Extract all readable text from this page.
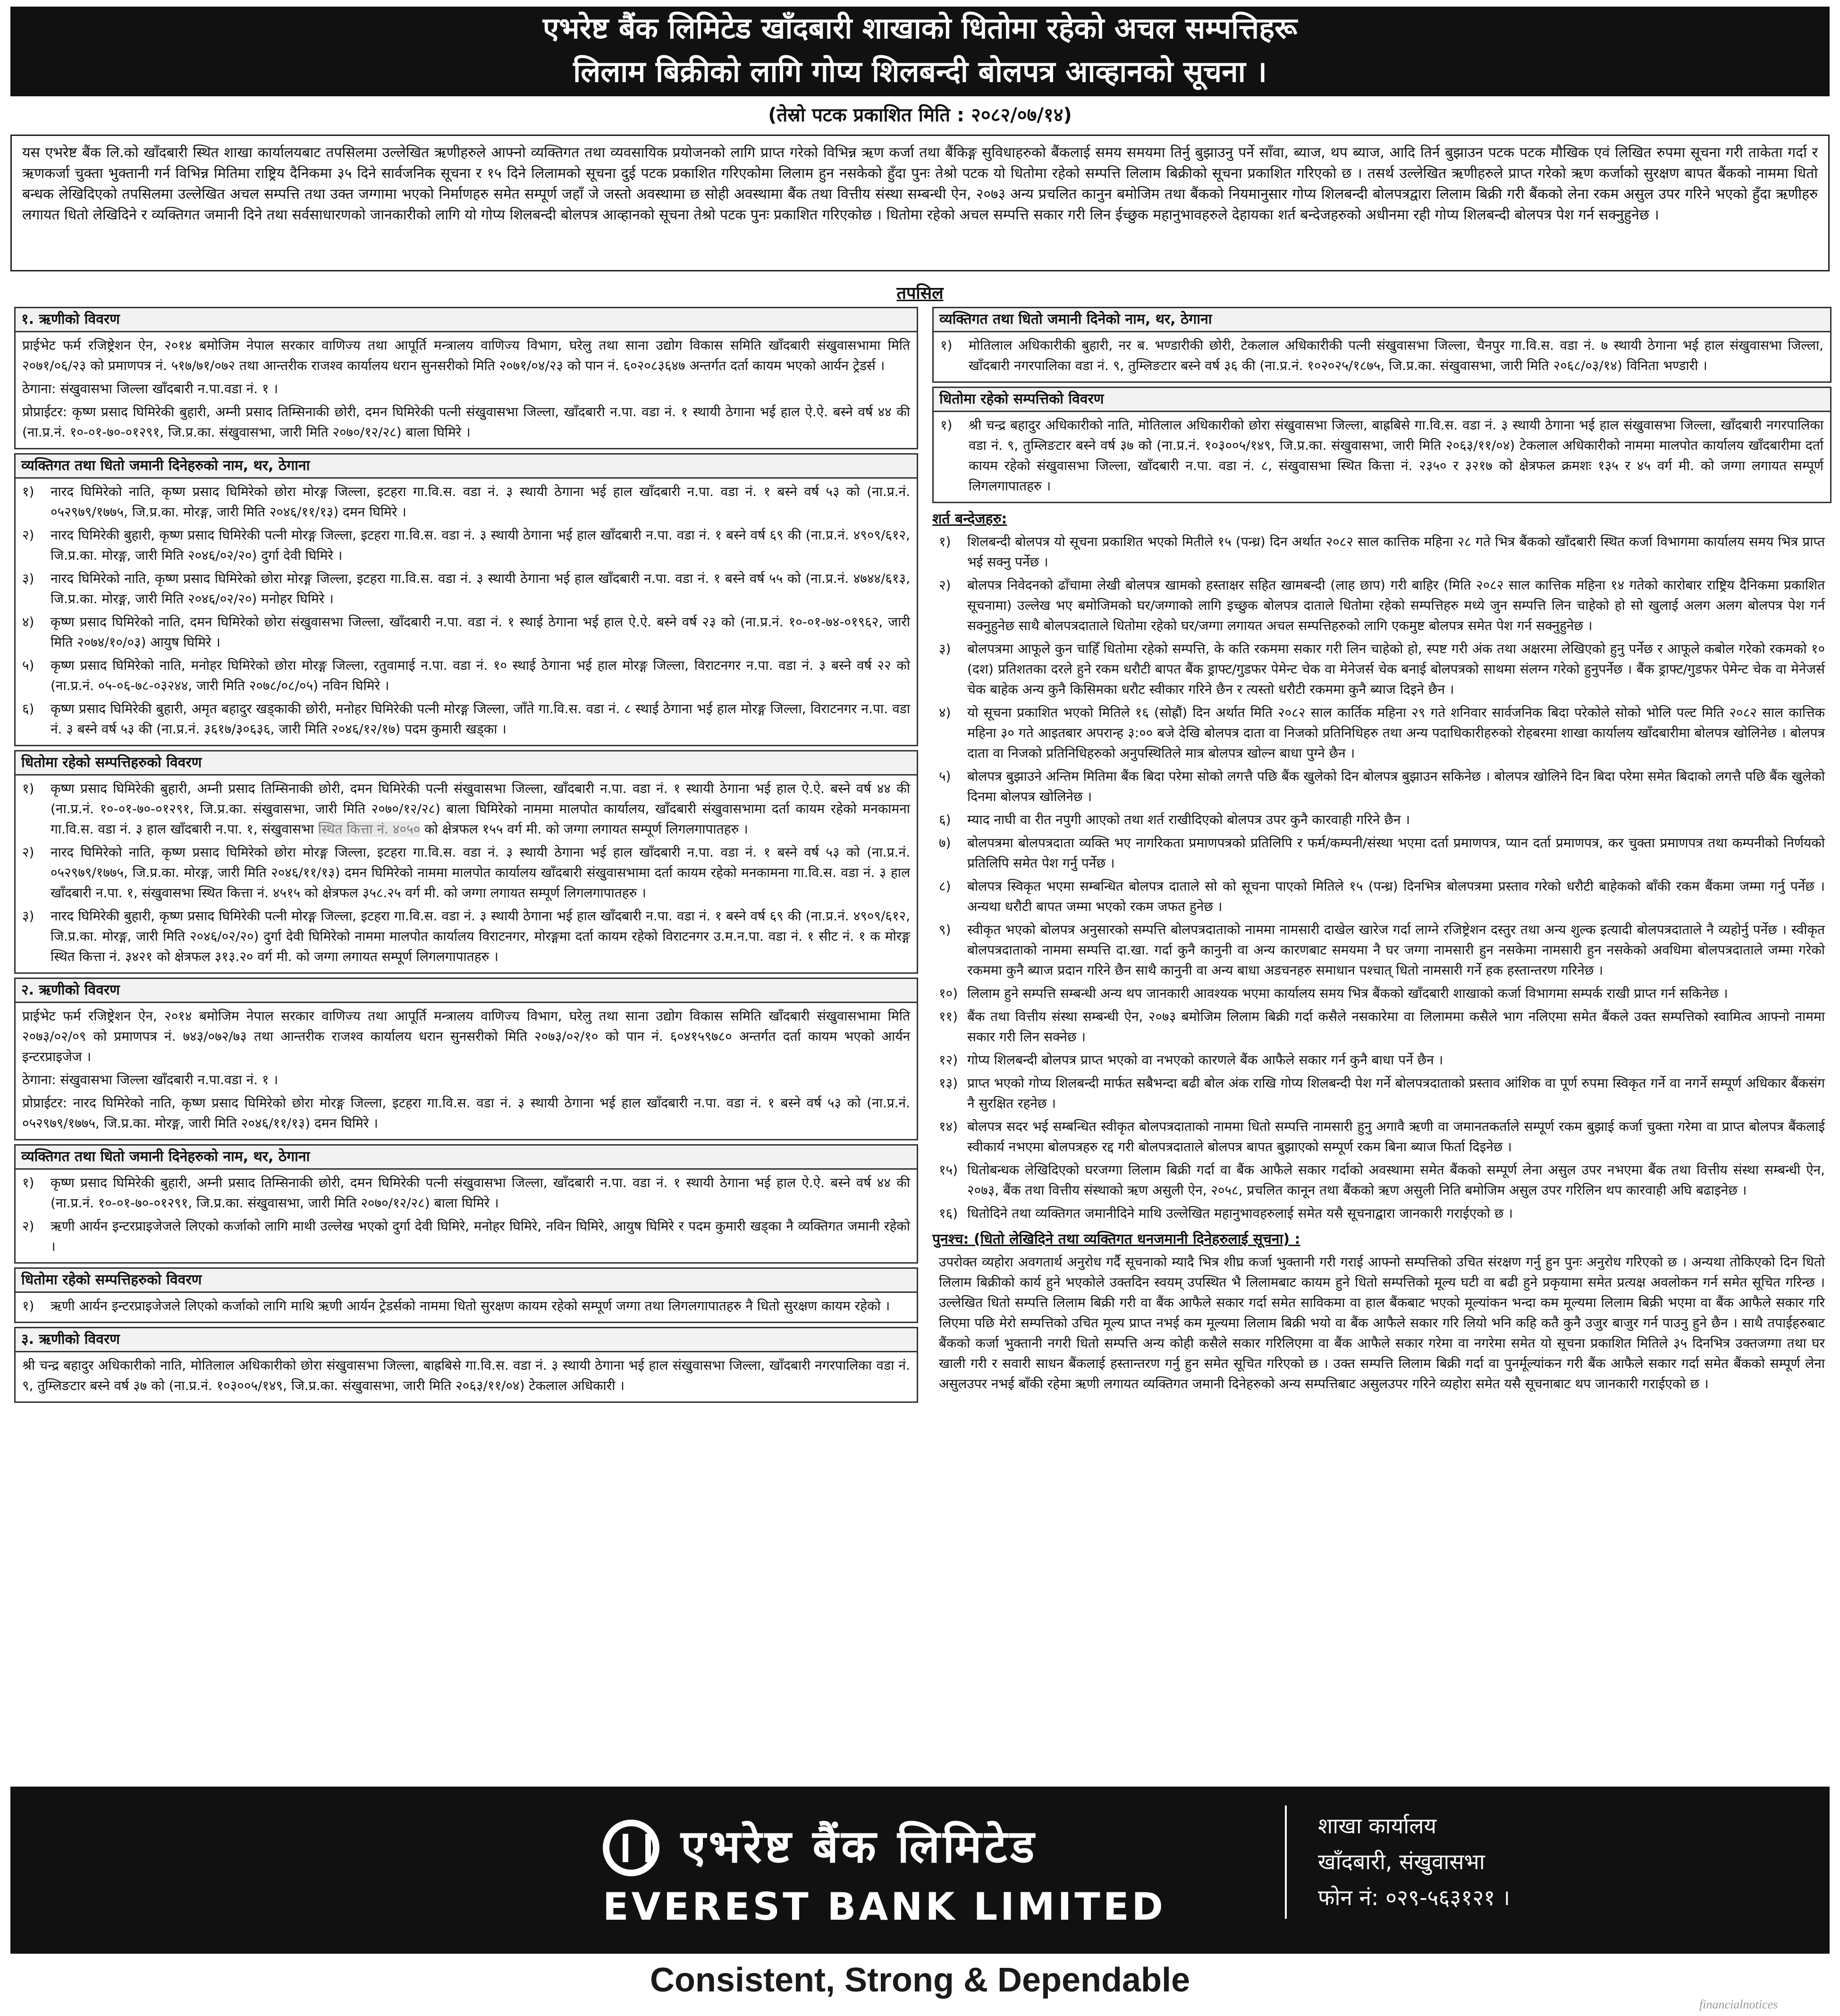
एभरेष्ट बैंक लिमिटेड खाँदबारी शाखाको धितोमा रहेको अचल सम्पत्तिहरू
लिलाम बिक्रीको लागि गोप्य शिलबन्दी बोलपत्र आव्हानको सूचना ।
(तेस्रो पटक प्रकाशित मिति : २०८२/०७/१४)
यस एभरेष्ट बैंक लि.को खाँदबारी स्थित शाखा कार्यालयबाट तपसिलमा उल्लेखित ऋणीहरुले आफ्नो व्यक्तिगत तथा व्यवसायिक प्रयोजनको लागि प्राप्त गरेको विभिन्न ऋण कर्जा तथा बैंकिङ्ग सुविधाहरुको बैंकलाई समय समयमा तिर्नु बुझाउनु पर्ने साँवा, ब्याज, थप ब्याज, आदि तिर्न बुझाउन पटक पटक मौखिक एवं लिखित रुपमा सूचना गरी ताकेता गर्दा र ऋणकर्जा चुक्ता भुक्तानी गर्न विभिन्न मितिमा राष्ट्रिय दैनिकमा ३५ दिने सार्वजनिक सूचना र १५ दिने लिलामको सूचना दुई पटक प्रकाशित गरिएकोमा लिलाम हुन नसकेको हुँदा पुनः तेश्रो पटक यो धितोमा रहेको सम्पत्ति लिलाम बिक्रीको सूचना प्रकाशित गरिएको छ । तसर्थ उल्लेखित ऋणीहरुले प्राप्त गरेको ऋण कर्जाको सुरक्षण बापत बैंकको नाममा धितो बन्धक लेखिदिएको तपसिलमा उल्लेखित अचल सम्पत्ति तथा उक्त जग्गामा भएको निर्माणहरु समेत सम्पूर्ण जहाँ जे जस्तो अवस्थामा छ सोही अवस्थामा बैंक तथा वित्तीय संस्था सम्बन्धी ऐन, २०७३ अन्य प्रचलित कानुन बमोजिम तथा बैंकको नियमानुसार गोप्य शिलबन्दी बोलपत्रद्वारा लिलाम बिक्री गरी बैंकको लेना रकम असुल उपर गरिने भएको हुँदा ऋणीहरु लगायत धितो लेखिदिने र व्यक्तिगत जमानी दिने तथा सर्वसाधारणको जानकारीको लागि यो गोप्य शिलबन्दी बोलपत्र आव्हानको सूचना तेश्रो पटक पुनः प्रकाशित गरिएकोछ । धितोमा रहेको अचल सम्पत्ति सकार गरी लिन ईच्छुक महानुभावहरुले देहायका शर्त बन्देजहरुको अधीनमा रही गोप्य शिलबन्दी बोलपत्र पेश गर्न सक्नुहुनेछ ।
तपसिल
१. ऋणीको विवरण

प्राईभेट फर्म रजिष्ट्रेशन ऐन, २०१४ बमोजिम नेपाल सरकार वाणिज्य तथा आपूर्ति मन्त्रालय वाणिज्य विभाग, घरेलु तथा साना उद्योग विकास समिति खाँदबारी संखुवासभामा मिति २०७१/०६/२३ को प्रमाणपत्र नं. ५१७/७१/०७२ तथा आन्तरीक राजश्व कार्यालय धरान सुनसरीको मिति २०७१/०४/२३ को पान नं. ६०२०८३६४७ अन्तर्गत दर्ता कायम भएको आर्यन ट्रेडर्स ।

ठेगाना: संखुवासभा जिल्ला खाँदबारी न.पा.वडा नं. १ ।

प्रोप्राईटर: कृष्ण प्रसाद घिमिरेकी बुहारी, अम्नी प्रसाद तिम्सिनाकी छोरी, दमन घिमिरेकी पत्नी संखुवासभा जिल्ला, खाँदबारी न.पा. वडा नं. १ स्थायी ठेगाना भई हाल ऐ.ऐ. बस्ने वर्ष ४४ की (ना.प्र.नं. १०-०१-७०-०१२९१, जि.प्र.का. संखुवासभा, जारी मिति २०७०/१२/२८) बाला घिमिरे ।

व्यक्तिगत तथा धितो जमानी दिनेहरुको नाम, थर, ठेगाना
१)	नारद घिमिरेको नाति, कृष्ण प्रसाद घिमिरेको छोरा मोरङ्ग जिल्ला, इटहरा गा.वि.स. वडा नं. ३ स्थायी ठेगाना भई हाल खाँदबारी न.पा. वडा नं. १ बस्ने वर्ष ५३ को (ना.प्र.नं. ०५२९७९/१७७५, जि.प्र.का. मोरङ्ग, जारी मिति २०४६/११/१३) दमन घिमिरे ।
२)	नारद घिमिरेकी बुहारी, कृष्ण प्रसाद घिमिरेकी पत्नी मोरङ्ग जिल्ला, इटहरा गा.वि.स. वडा नं. ३ स्थायी ठेगाना भई हाल खाँदबारी न.पा. वडा नं. १ बस्ने वर्ष ६९ की (ना.प्र.नं. ४९०९/६१२, जि.प्र.का. मोरङ्ग, जारी मिति २०४६/०२/२०) दुर्गा देवी घिमिरे ।
३)	नारद घिमिरेको नाति, कृष्ण प्रसाद घिमिरेको छोरा मोरङ्ग जिल्ला, इटहरा गा.वि.स. वडा नं. ३ स्थायी ठेगाना भई हाल खाँदबारी न.पा. वडा नं. १ बस्ने वर्ष ५५ को (ना.प्र.नं. ४७४४/६१३, जि.प्र.का. मोरङ्ग, जारी मिति २०४६/०२/२०) मनोहर घिमिरे ।
४)	कृष्ण प्रसाद घिमिरेको नाति, दमन घिमिरेको छोरा संखुवासभा जिल्ला, खाँदबारी न.पा. वडा नं. १ स्थाई ठेगाना भई हाल ऐ.ऐ. बस्ने वर्ष २३ को (ना.प्र.नं. १०-०१-७४-०१९६२, जारी मिति २०७४/१०/०३) आयुष घिमिरे ।
५)	कृष्ण प्रसाद घिमिरेको नाति, मनोहर घिमिरेको छोरा मोरङ्ग जिल्ला, रतुवामाई न.पा. वडा नं. १० स्थाई ठेगाना भई हाल मोरङ्ग जिल्ला, विराटनगर न.पा. वडा नं. ३ बस्ने वर्ष २२ को (ना.प्र.नं. ०५-०६-७८-०३२४४, जारी मिति २०७८/०८/०५) नविन घिमिरे ।
६)	कृष्ण प्रसाद घिमिरेकी बुहारी, अमृत बहादुर खड्काकी छोरी, मनोहर घिमिरेकी पत्नी मोरङ्ग जिल्ला, जाँते गा.वि.स. वडा नं. ८ स्थाई ठेगाना भई हाल मोरङ्ग जिल्ला, विराटनगर न.पा. वडा नं. ३ बस्ने वर्ष ५३ की (ना.प्र.नं. ३६१७/३०६३६, जारी मिति २०४६/१२/१७) पदम कुमारी खड्का ।
धितोमा रहेको सम्पत्तिहरुको विवरण
१)	कृष्ण प्रसाद घिमिरेकी बुहारी, अम्नी प्रसाद तिम्सिनाकी छोरी, दमन घिमिरेकी पत्नी संखुवासभा जिल्ला, खाँदबारी न.पा. वडा नं. १ स्थायी ठेगाना भई हाल ऐ.ऐ. बस्ने वर्ष ४४ की (ना.प्र.नं. १०-०१-७०-०१२९१, जि.प्र.का. संखुवासभा, जारी मिति २०७०/१२/२८) बाला घिमिरेको नाममा मालपोत कार्यालय, खाँदबारी संखुवासभामा दर्ता कायम रहेको मनकामना गा.वि.स. वडा नं. ३ हाल खाँदबारी न.पा. १, संखुवासभा स्थित कित्ता नं. ४०५० को क्षेत्रफल १५५ वर्ग मी. को जग्गा लगायत सम्पूर्ण लिगलगापातहरु ।
२)	नारद घिमिरेको नाति, कृष्ण प्रसाद घिमिरेको छोरा मोरङ्ग जिल्ला, इटहरा गा.वि.स. वडा नं. ३ स्थायी ठेगाना भई हाल खाँदबारी न.पा. वडा नं. १ बस्ने वर्ष ५३ को (ना.प्र.नं. ०५२९७९/१७७५, जि.प्र.का. मोरङ्ग, जारी मिति २०४६/११/१३) दमन घिमिरेको नाममा मालपोत कार्यालय खाँदबारी संखुवासभामा दर्ता कायम रहेको मनकामना गा.वि.स. वडा नं. ३ हाल खाँदबारी न.पा. १, संखुवासभा स्थित कित्ता नं. ४५१५ को क्षेत्रफल ३५८.२५ वर्ग मी. को जग्गा लगायत सम्पूर्ण लिगलगापातहरु ।
३)	नारद घिमिरेकी बुहारी, कृष्ण प्रसाद घिमिरेकी पत्नी मोरङ्ग जिल्ला, इटहरा गा.वि.स. वडा नं. ३ स्थायी ठेगाना भई हाल खाँदबारी न.पा. वडा नं. १ बस्ने वर्ष ६९ की (ना.प्र.नं. ४९०९/६१२, जि.प्र.का. मोरङ्ग, जारी मिति २०४६/०२/२०) दुर्गा देवी घिमिरेको नाममा मालपोत कार्यालय विराटनगर, मोरङ्गमा दर्ता कायम रहेको विराटनगर उ.म.न.पा. वडा नं. १ सीट नं. १ क मोरङ्ग स्थित कित्ता नं. ३४२१ को क्षेत्रफल ३१३.२० वर्ग मी. को जग्गा लगायत सम्पूर्ण लिगलगापातहरु ।
२. ऋणीको विवरण

प्राईभेट फर्म रजिष्ट्रेशन ऐन, २०१४ बमोजिम नेपाल सरकार वाणिज्य तथा आपूर्ति मन्त्रालय वाणिज्य विभाग, घरेलु तथा साना उद्योग विकास समिति खाँदबारी संखुवासभामा मिति २०७३/०२/०९ को प्रमाणपत्र नं. ७४३/०७२/७३ तथा आन्तरीक राजश्व कार्यालय धरान सुनसरीको मिति २०७३/०२/१० को पान नं. ६०४१५९७८० अन्तर्गत दर्ता कायम भएको आर्यन इन्टरप्राइजेज ।

ठेगाना: संखुवासभा जिल्ला खाँदबारी न.पा.वडा नं. १ ।

प्रोप्राईटर: नारद घिमिरेको नाति, कृष्ण प्रसाद घिमिरेको छोरा मोरङ्ग जिल्ला, इटहरा गा.वि.स. वडा नं. ३ स्थायी ठेगाना भई हाल खाँदबारी न.पा. वडा नं. १ बस्ने वर्ष ५३ को (ना.प्र.नं. ०५२९७९/१७७५, जि.प्र.का. मोरङ्ग, जारी मिति २०४६/११/१३) दमन घिमिरे ।

व्यक्तिगत तथा धितो जमानी दिनेहरुको नाम, थर, ठेगाना
१)	कृष्ण प्रसाद घिमिरेकी बुहारी, अम्नी प्रसाद तिम्सिनाकी छोरी, दमन घिमिरेकी पत्नी संखुवासभा जिल्ला, खाँदबारी न.पा. वडा नं. १ स्थायी ठेगाना भई हाल ऐ.ऐ. बस्ने वर्ष ४४ की (ना.प्र.नं. १०-०१-७०-०१२९१, जि.प्र.का. संखुवासभा, जारी मिति २०७०/१२/२८) बाला घिमिरे ।
२)	ऋणी आर्यन इन्टरप्राइजेजले लिएको कर्जाको लागि माथी उल्लेख भएको दुर्गा देवी घिमिरे, मनोहर घिमिरे, नविन घिमिरे, आयुष घिमिरे र पदम कुमारी खड्का नै व्यक्तिगत जमानी रहेको ।
धितोमा रहेको सम्पत्तिहरुको विवरण
१)	ऋणी आर्यन इन्टरप्राइजेजले लिएको कर्जाको लागि माथि ऋणी आर्यन ट्रेडर्सको नाममा धितो सुरक्षण कायम रहेको सम्पूर्ण जग्गा तथा लिगलगापातहरु नै धितो सुरक्षण कायम रहेको ।
३. ऋणीको विवरण

श्री चन्द्र बहादुर अधिकारीको नाति, मोतिलाल अधिकारीको छोरा संखुवासभा जिल्ला, बाह्रबिसे गा.वि.स. वडा नं. ३ स्थायी ठेगाना भई हाल संखुवासभा जिल्ला, खाँदबारी नगरपालिका वडा नं. ९, तुम्लिङटार बस्ने वर्ष ३७ को (ना.प्र.नं. १०३००५/१४९, जि.प्र.का. संखुवासभा, जारी मिति २०६३/११/०४) टेकलाल अधिकारी ।

व्यक्तिगत तथा धितो जमानी दिनेको नाम, थर, ठेगाना
१)	मोतिलाल अधिकारीकी बुहारी, नर ब. भण्डारीकी छोरी, टेकलाल अधिकारीकी पत्नी संखुवासभा जिल्ला, चैनपुर गा.वि.स. वडा नं. ७ स्थायी ठेगाना भई हाल संखुवासभा जिल्ला, खाँदबारी नगरपालिका वडा नं. ९, तुम्लिङटार बस्ने वर्ष ३६ की (ना.प्र.नं. १०२०२५/१८७५, जि.प्र.का. संखुवासभा, जारी मिति २०६८/०३/१४) विनिता भण्डारी ।
धितोमा रहेको सम्पत्तिको विवरण
१)	श्री चन्द्र बहादुर अधिकारीको नाति, मोतिलाल अधिकारीको छोरा संखुवासभा जिल्ला, बाह्रबिसे गा.वि.स. वडा नं. ३ स्थायी ठेगाना भई हाल संखुवासभा जिल्ला, खाँदबारी नगरपालिका वडा नं. ९, तुम्लिङटार बस्ने वर्ष ३७ को (ना.प्र.नं. १०३००५/१४९, जि.प्र.का. संखुवासभा, जारी मिति २०६३/११/०४) टेकलाल अधिकारीको नाममा मालपोत कार्यालय खाँदबारीमा दर्ता कायम रहेको संखुवासभा जिल्ला, खाँदबारी न.पा. वडा नं. ८, संखुवासभा स्थित कित्ता नं. २३५० र ३२१७ को क्षेत्रफल क्रमशः १३५ र ४५ वर्ग मी. को जग्गा लगायत सम्पूर्ण लिगलगापातहरु ।
शर्त बन्देजहरु:
१)	शिलबन्दी बोलपत्र यो सूचना प्रकाशित भएको मितीले १५ (पन्ध्र) दिन अर्थात २०८२ साल कात्तिक महिना २८ गते भित्र बैंकको खाँदबारी स्थित कर्जा विभागमा कार्यालय समय भित्र प्राप्त भई सक्नु पर्नेछ ।
२)	बोलपत्र निवेदनको ढाँचामा लेखी बोलपत्र खामको हस्ताक्षर सहित खामबन्दी (लाह छाप) गरी बाहिर (मिति २०८२ साल कात्तिक महिना १४ गतेको कारोबार राष्ट्रिय दैनिकमा प्रकाशित सूचनामा) उल्लेख भए बमोजिमको घर/जग्गाको लागि इच्छुक बोलपत्र दाताले धितोमा रहेको सम्पत्तिहरु मध्ये जुन सम्पत्ति लिन चाहेको हो सो खुलाई अलग अलग बोलपत्र पेश गर्न सक्नुहुनेछ साथै बोलपत्रदाताले धितोमा रहेको घर/जग्गा लगायत अचल सम्पत्तिहरुको लागि एकमुष्ट बोलपत्र समेत पेश गर्न सक्नुहुनेछ ।
३)	बोलपत्रमा आफूले कुन चाहिँ धितोमा रहेको सम्पत्ति, के कति रकममा सकार गरी लिन चाहेको हो, स्पष्ट गरी अंक तथा अक्षरमा लेखिएको हुनु पर्नेछ र आफूले कबोल गरेको रकमको १० (दश) प्रतिशतका दरले हुने रकम धरौटी बापत बैंक ड्राफ्ट/गुडफर पेमेन्ट चेक वा मेनेजर्स चेक बनाई बोलपत्रको साथमा संलग्न गरेको हुनुपर्नेछ । बैंक ड्राफ्ट/गुडफर पेमेन्ट चेक वा मेनेजर्स चेक बाहेक अन्य कुनै किसिमका धरौट स्वीकार गरिने छैन र त्यस्तो धरौटी रकममा कुनै ब्याज दिइने छैन ।
४)	यो सूचना प्रकाशित भएको मितिले १६ (सोह्रौं) दिन अर्थात मिति २०८२ साल कार्तिक महिना २९ गते शनिवार सार्वजनिक बिदा परेकोले सोको भोलि पल्ट मिति २०८२ साल कात्तिक महिना ३० गते आइतबार अपरान्ह ३:०० बजे देखि बोलपत्र दाता वा निजको प्रतिनिधिहरु तथा अन्य पदाधिकारीहरुको रोहबरमा शाखा कार्यालय खाँदबारीमा बोलपत्र खोलिनेछ । बोलपत्र दाता वा निजको प्रतिनिधिहरुको अनुपस्थितिले मात्र बोलपत्र खोल्न बाधा पुग्ने छैन ।
५)	बोलपत्र बुझाउने अन्तिम मितिमा बैंक बिदा परेमा सोको लगत्तै पछि बैंक खुलेको दिन बोलपत्र बुझाउन सकिनेछ । बोलपत्र खोलिने दिन बिदा परेमा समेत बिदाको लगत्तै पछि बैंक खुलेको दिनमा बोलपत्र खोलिनेछ ।
६)	म्याद नाघी वा रीत नपुगी आएको तथा शर्त राखीदिएको बोलपत्र उपर कुनै कारवाही गरिने छैन ।
७)	बोलपत्रमा बोलपत्रदाता व्यक्ति भए नागरिकता प्रमाणपत्रको प्रतिलिपि र फर्म/कम्पनी/संस्था भएमा दर्ता प्रमाणपत्र, प्यान दर्ता प्रमाणपत्र, कर चुक्ता प्रमाणपत्र तथा कम्पनीको निर्णयको प्रतिलिपि समेत पेश गर्नु पर्नेछ ।
८)	बोलपत्र स्विकृत भएमा सम्बन्धित बोलपत्र दाताले सो को सूचना पाएको मितिले १५ (पन्ध्र) दिनभित्र बोलपत्रमा प्रस्ताव गरेको धरौटी बाहेकको बाँकी रकम बैंकमा जम्मा गर्नु पर्नेछ । अन्यथा धरौटी बापत जम्मा भएको रकम जफत हुनेछ ।
९)	स्वीकृत भएको बोलपत्र अनुसारको सम्पत्ति बोलपत्रदाताको नाममा नामसारी दाखेल खारेज गर्दा लाग्ने रजिष्ट्रेशन दस्तुर तथा अन्य शुल्क इत्यादी बोलपत्रदाताले नै व्यहोर्नु पर्नेछ । स्वीकृत बोलपत्रदाताको नाममा सम्पत्ति दा.खा. गर्दा कुनै कानुनी वा अन्य कारणबाट समयमा नै घर जग्गा नामसारी हुन नसकेमा नामसारी हुन नसकेको अवधिमा बोलपत्रदाताले जम्मा गरेको रकममा कुनै ब्याज प्रदान गरिने छैन साथै कानुनी वा अन्य बाधा अडचनहरु समाधान पश्चात् धितो नामसारी गर्ने हक हस्तान्तरण गरिनेछ ।
१०) लिलाम हुने सम्पत्ति सम्बन्धी अन्य थप जानकारी आवश्यक भएमा कार्यालय समय भित्र बैंकको खाँदबारी शाखाको कर्जा विभागमा सम्पर्क राखी प्राप्त गर्न सकिनेछ ।
११) बैंक तथा वित्तीय संस्था सम्बन्धी ऐन, २०७३ बमोजिम लिलाम बिक्री गर्दा कसैले नसकारेमा वा लिलाममा कसैले भाग नलिएमा समेत बैंकले उक्त सम्पत्तिको स्वामित्व आफ्नो नाममा सकार गरी लिन सक्नेछ ।
१२) गोप्य शिलबन्दी बोलपत्र प्राप्त भएको वा नभएको कारणले बैंक आफैले सकार गर्न कुनै बाधा पर्ने छैन ।
१३) प्राप्त भएको गोप्य शिलबन्दी मार्फत सबैभन्दा बढी बोल अंक राखि गोप्य शिलबन्दी पेश गर्ने बोलपत्रदाताको प्रस्ताव आंशिक वा पूर्ण रुपमा स्विकृत गर्ने वा नगर्ने सम्पूर्ण अधिकार बैंकसंग नै सुरक्षित रहनेछ ।
१४) बोलपत्र सदर भई सम्बन्धित स्वीकृत बोलपत्रदाताको नाममा धितो सम्पत्ति नामसारी हुनु अगावै ऋणी वा जमानतकर्ताले सम्पूर्ण रकम बुझाई कर्जा चुक्ता गरेमा वा प्राप्त बोलपत्र बैंकलाई स्वीकार्य नभएमा बोलपत्रहरु रद्द गरी बोलपत्रदाताले बोलपत्र बापत बुझाएको सम्पूर्ण रकम बिना ब्याज फिर्ता दिइनेछ ।
१५) धितोबन्धक लेखिदिएको घरजग्गा लिलाम बिक्री गर्दा वा बैंक आफैले सकार गर्दाको अवस्थामा समेत बैंकको सम्पूर्ण लेना असुल उपर नभएमा बैंक तथा वित्तीय संस्था सम्बन्धी ऐन, २०७३, बैंक तथा वित्तीय संस्थाको ऋण असुली ऐन, २०५८, प्रचलित कानून तथा बैंकको ऋण असुली निति बमोजिम असुल उपर गरिलिन थप कारवाही अघि बढाइनेछ ।
१६) धितोदिने तथा व्यक्तिगत जमानीदिने माथि उल्लेखित महानुभावहरुलाई समेत यसै सूचनाद्वारा जानकारी गराईएको छ ।
पुनश्च: (धितो लेखिदिने तथा व्यक्तिगत धनजमानी दिनेहरुलाई सूचना) :
उपरोक्त व्यहोरा अवगतार्थ अनुरोध गर्दै सूचनाको म्यादै भित्र शीघ्र कर्जा भुक्तानी गरी गराई आफ्नो सम्पत्तिको उचित संरक्षण गर्नु हुन पुनः अनुरोध गरिएको छ । अन्यथा तोकिएको दिन धितो लिलाम बिक्रीको कार्य हुने भएकोले उक्तदिन स्वयम् उपस्थित भै लिलामबाट कायम हुने धितो सम्पत्तिको मूल्य घटी वा बढी हुने प्रकृयामा समेत प्रत्यक्ष अवलोकन गर्न समेत सूचित गरिन्छ । उल्लेखित धितो सम्पत्ति लिलाम बिक्री गरी वा बैंक आफैले सकार गर्दा समेत साविकमा वा हाल बैंकबाट भएको मूल्यांकन भन्दा कम मूल्यमा लिलाम बिक्री भएमा वा बैंक आफैले सकार गरि लिएमा पछि मेरो सम्पत्तिको उचित मूल्य प्राप्त नभई कम मूल्यमा लिलाम बिक्री भयो वा बैंक आफैले सकार गरि लियो भनि कहि कतै कुनै उजुर बाजुर गर्न पाउनु हुने छैन । साथै तपाईहरुबाट बैंकको कर्जा भुक्तानी नगरी धितो सम्पत्ति अन्य कोही कसैले सकार गरिलिएमा वा बैंक आफैले सकार गरेमा वा नगरेमा समेत यो सूचना प्रकाशित मितिले ३५ दिनभित्र उक्तजग्गा तथा घर खाली गरी र सवारी साधन बैंकलाई हस्तान्तरण गर्नु हुन समेत सूचित गरिएको छ । उक्त सम्पत्ति लिलाम बिक्री गर्दा वा पुनर्मूल्यांकन गरी बैंक आफैले सकार गर्दा समेत बैंकको सम्पूर्ण लेना असुलउपर नभई बाँकी रहेमा ऋणी लगायत व्यक्तिगत जमानी दिनेहरुको अन्य सम्पत्तिबाट असुलउपर गरिने व्यहोरा समेत यसै सूचनाबाट थप जानकारी गराईएको छ ।
एभरेष्ट बैंक लिमिटेड
EVEREST BANK LIMITED
शाखा कार्यालय
खाँदबारी, संखुवासभा
फोन नं: ०२९-५६३१२१ ।
Consistent, Strong & Dependable
financialnotices
